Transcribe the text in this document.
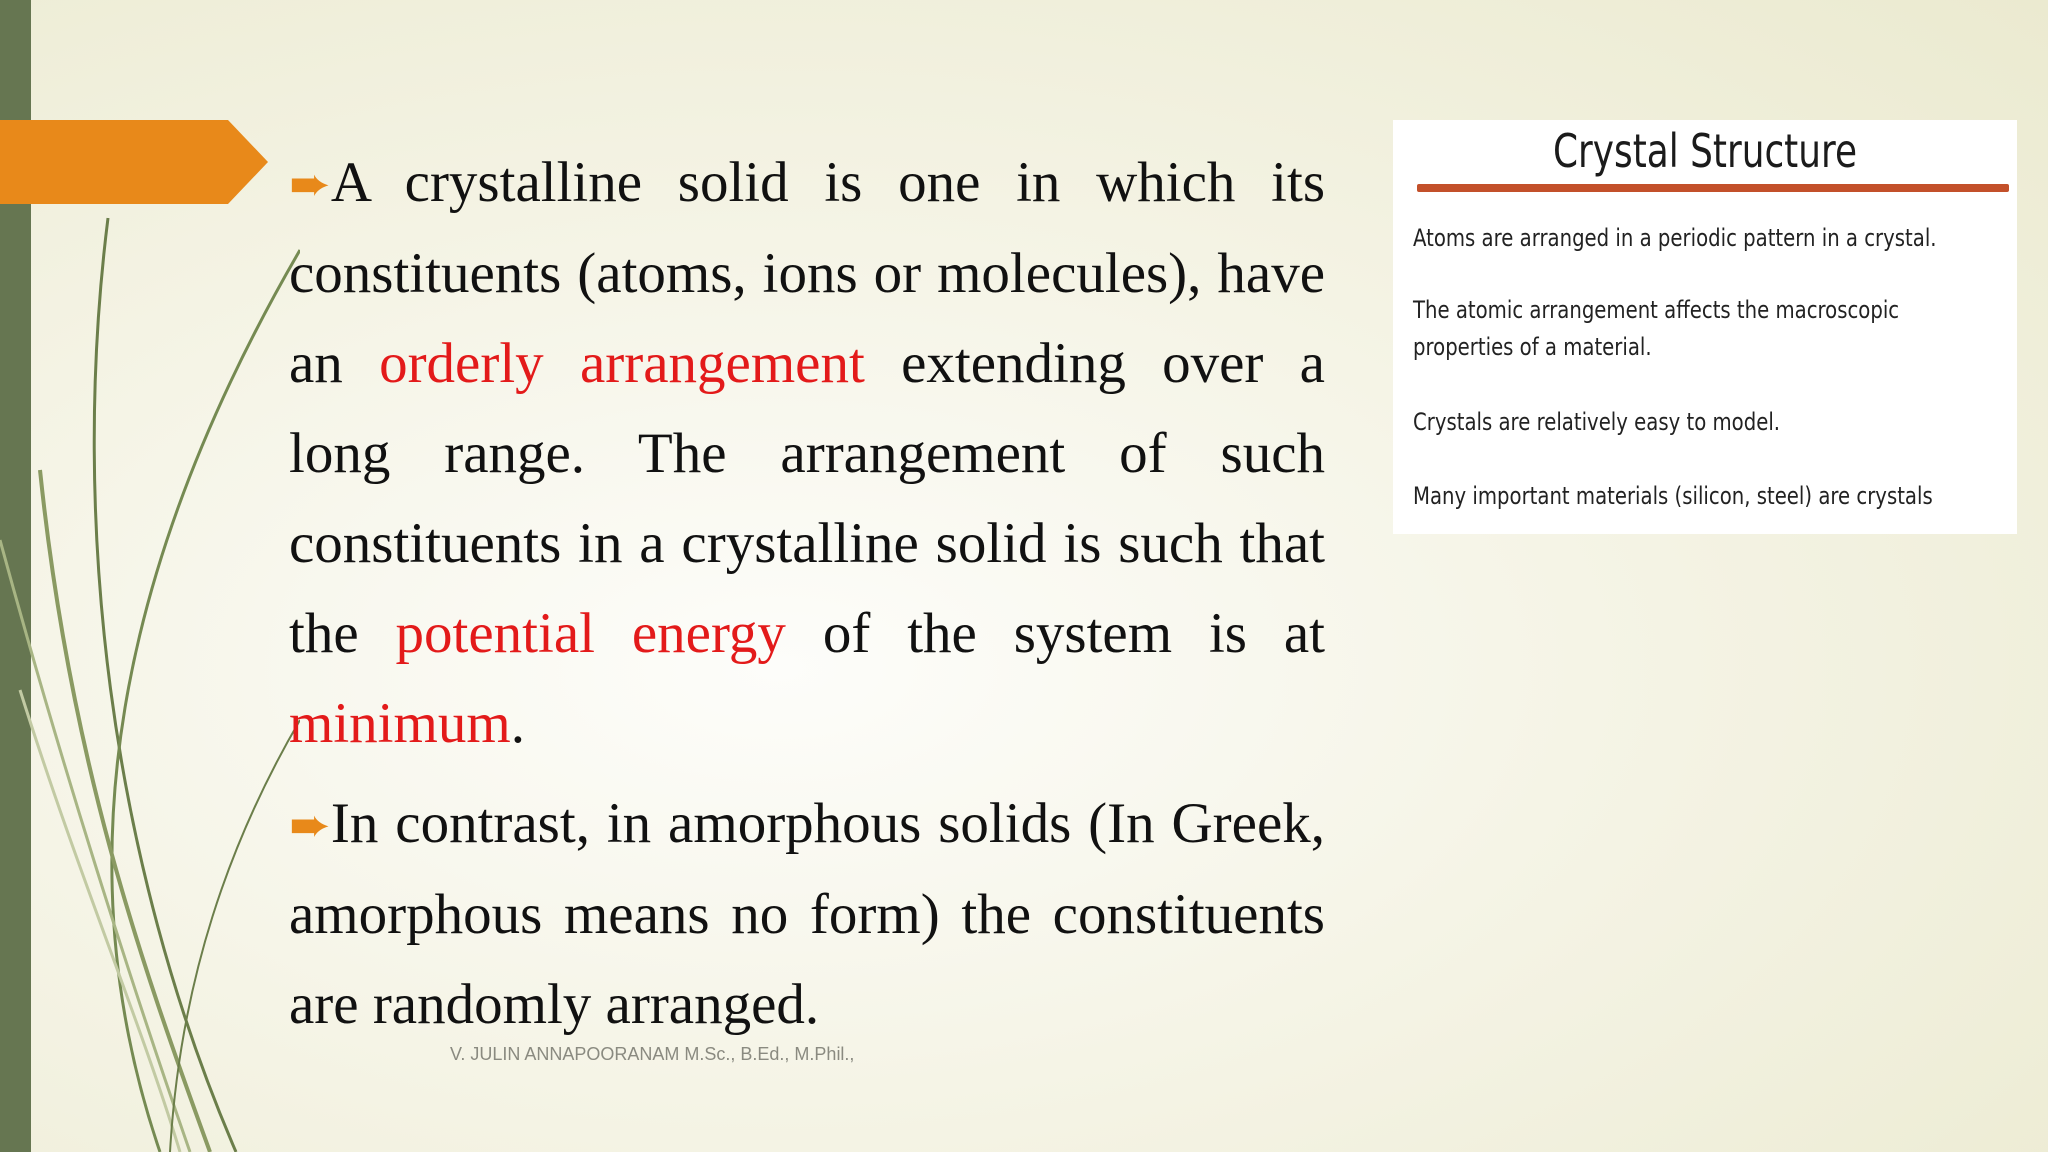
➨A crystalline solid is one in which its constituents (atoms, ions or molecules), have an orderly arrangement extending over a long range. The arrangement of such constituents in a crystalline solid is such that the potential energy of the system is at minimum.

➨In contrast, in amorphous solids (In Greek, amorphous means no form) the constituents are randomly arranged.

V. JULIN ANNAPOORANAM M.Sc., B.Ed., M.Phil.,
Crystal Structure
Atoms are arranged in a periodic pattern in a crystal.
The atomic arrangement affects the macroscopic properties of a material.
Crystals are relatively easy to model.
Many important materials (silicon, steel) are crystals
